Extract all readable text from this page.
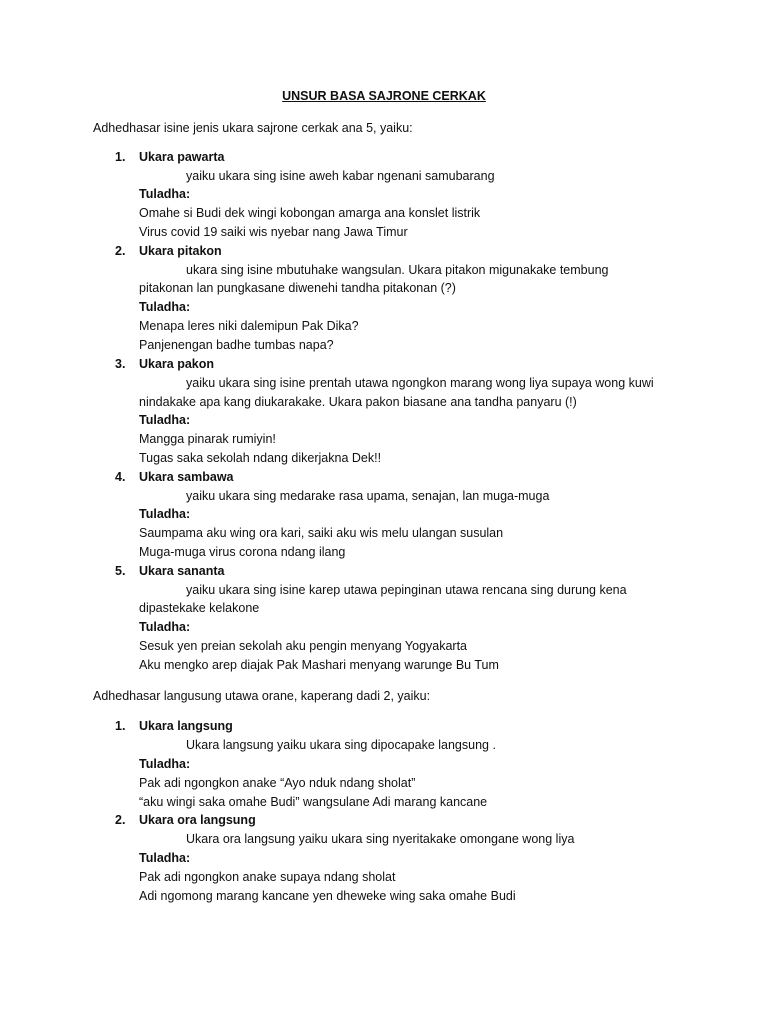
UNSUR BASA SAJRONE CERKAK
Adhedhasar isine jenis ukara sajrone cerkak ana 5, yaiku:
1. Ukara pawarta
yaiku ukara sing isine aweh kabar ngenani samubarang
Tuladha:
Omahe si Budi dek wingi kobongan amarga ana konslet listrik
Virus covid 19 saiki wis nyebar nang Jawa Timur
2. Ukara pitakon
ukara sing isine mbutuhake wangsulan. Ukara pitakon migunakake tembung
pitakonan lan pungkasane diwenehi tandha pitakonan (?)
Tuladha:
Menapa leres niki dalemipun Pak Dika?
Panjenengan badhe tumbas napa?
3. Ukara pakon
yaiku ukara sing isine prentah utawa ngongkon marang wong liya supaya wong kuwi
nindakake apa kang diukarakake. Ukara pakon biasane ana tandha panyaru (!)
Tuladha:
Mangga pinarak rumiyin!
Tugas saka sekolah ndang dikerjakna Dek!!
4. Ukara sambawa
yaiku ukara sing medarake rasa upama, senajan, lan muga-muga
Tuladha:
Saumpama aku wing ora kari, saiki aku wis melu ulangan susulan
Muga-muga virus corona ndang ilang
5. Ukara sananta
yaiku ukara sing isine karep utawa pepinginan utawa rencana sing durung kena
dipastekake kelakone
Tuladha:
Sesuk yen preian sekolah aku pengin menyang Yogyakarta
Aku mengko arep diajak Pak Mashari menyang warunge Bu Tum
Adhedhasar langusung utawa orane, kaperang dadi 2, yaiku:
1. Ukara langsung
Ukara langsung yaiku ukara sing dipocapake langsung .
Tuladha:
Pak adi ngongkon anake “Ayo nduk ndang sholat”
“aku wingi saka omahe Budi” wangsulane Adi marang kancane
2. Ukara ora langsung
Ukara ora langsung yaiku ukara sing nyeritakake omongane wong liya
Tuladha:
Pak adi ngongkon anake supaya ndang sholat
Adi ngomong marang kancane yen dheweke wing saka omahe Budi
